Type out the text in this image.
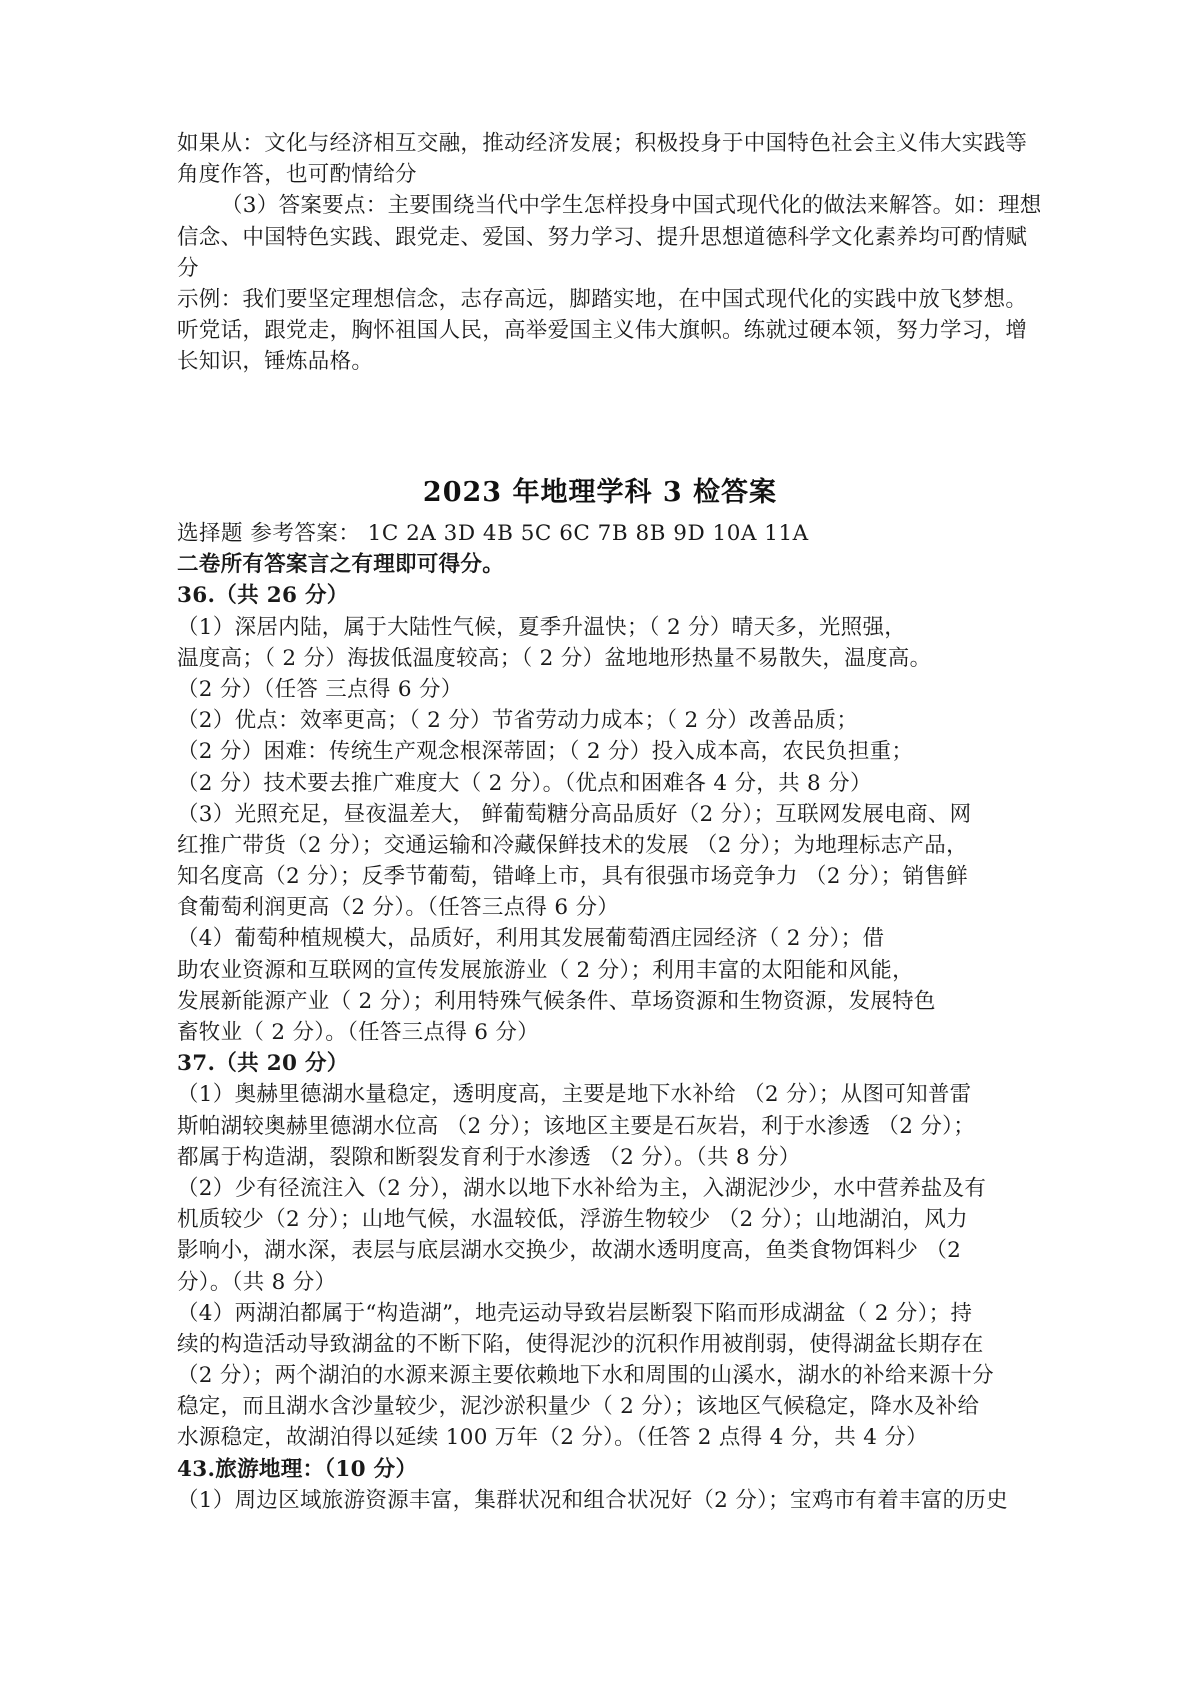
如果从：文化与经济相互交融，推动经济发展；积极投身于中国特色社会主义伟大实践等
角度作答，也可酌情给分
（3）答案要点：主要围绕当代中学生怎样投身中国式现代化的做法来解答。如：理想
信念、中国特色实践、跟党走、爱国、努力学习、提升思想道德科学文化素养均可酌情赋
分
示例：我们要坚定理想信念，志存高远，脚踏实地，在中国式现代化的实践中放飞梦想。
听党话，跟党走，胸怀祖国人民，高举爱国主义伟大旗帜。练就过硬本领，努力学习，增
长知识，锤炼品格。
2023 年地理学科 3 检答案
选择题 参考答案： 1C 2A 3D 4B 5C 6C 7B 8B 9D 10A 11A
二卷所有答案言之有理即可得分。
36.（共 26 分）
（1）深居内陆，属于大陆性气候，夏季升温快；（ 2 分）晴天多，光照强，
温度高；（ 2 分）海拔低温度较高；（ 2 分）盆地地形热量不易散失，温度高。
（2 分）（任答 三点得 6 分）
（2）优点：效率更高；（ 2 分）节省劳动力成本；（ 2 分）改善品质；
（2 分）困难：传统生产观念根深蒂固；（ 2 分）投入成本高，农民负担重；
（2 分）技术要去推广难度大（ 2 分）。（优点和困难各 4 分，共 8 分）
（3）光照充足，昼夜温差大， 鲜葡萄糖分高品质好（2 分）；互联网发展电商、网
红推广带货（2 分）；交通运输和冷藏保鲜技术的发展 （2 分）；为地理标志产品，
知名度高（2 分）；反季节葡萄，错峰上市，具有很强市场竞争力 （2 分）；销售鲜
食葡萄利润更高（2 分）。（任答三点得 6 分）
（4）葡萄种植规模大，品质好，利用其发展葡萄酒庄园经济（ 2 分）；借
助农业资源和互联网的宣传发展旅游业（ 2 分）；利用丰富的太阳能和风能，
发展新能源产业（ 2 分）；利用特殊气候条件、草场资源和生物资源，发展特色
畜牧业（ 2 分）。（任答三点得 6 分）
37.（共 20 分）
（1）奥赫里德湖水量稳定，透明度高，主要是地下水补给 （2 分）；从图可知普雷
斯帕湖较奥赫里德湖水位高 （2 分）；该地区主要是石灰岩，利于水渗透 （2 分）；
都属于构造湖，裂隙和断裂发育利于水渗透 （2 分）。（共 8 分）
（2）少有径流注入（2 分），湖水以地下水补给为主，入湖泥沙少，水中营养盐及有
机质较少（2 分）；山地气候，水温较低，浮游生物较少 （2 分）；山地湖泊，风力
影响小，湖水深，表层与底层湖水交换少，故湖水透明度高，鱼类食物饵料少 （2
分）。（共 8 分）
（4）两湖泊都属于“构造湖”，地壳运动导致岩层断裂下陷而形成湖盆（ 2 分）；持
续的构造活动导致湖盆的不断下陷，使得泥沙的沉积作用被削弱，使得湖盆长期存在
（2 分）；两个湖泊的水源来源主要依赖地下水和周围的山溪水，湖水的补给来源十分
稳定，而且湖水含沙量较少，泥沙淤积量少（ 2 分）；该地区气候稳定，降水及补给
水源稳定，故湖泊得以延续 100 万年（2 分）。（任答 2 点得 4 分，共 4 分）
43.旅游地理：（10 分）
（1）周边区域旅游资源丰富，集群状况和组合状况好（2 分）；宝鸡市有着丰富的历史
